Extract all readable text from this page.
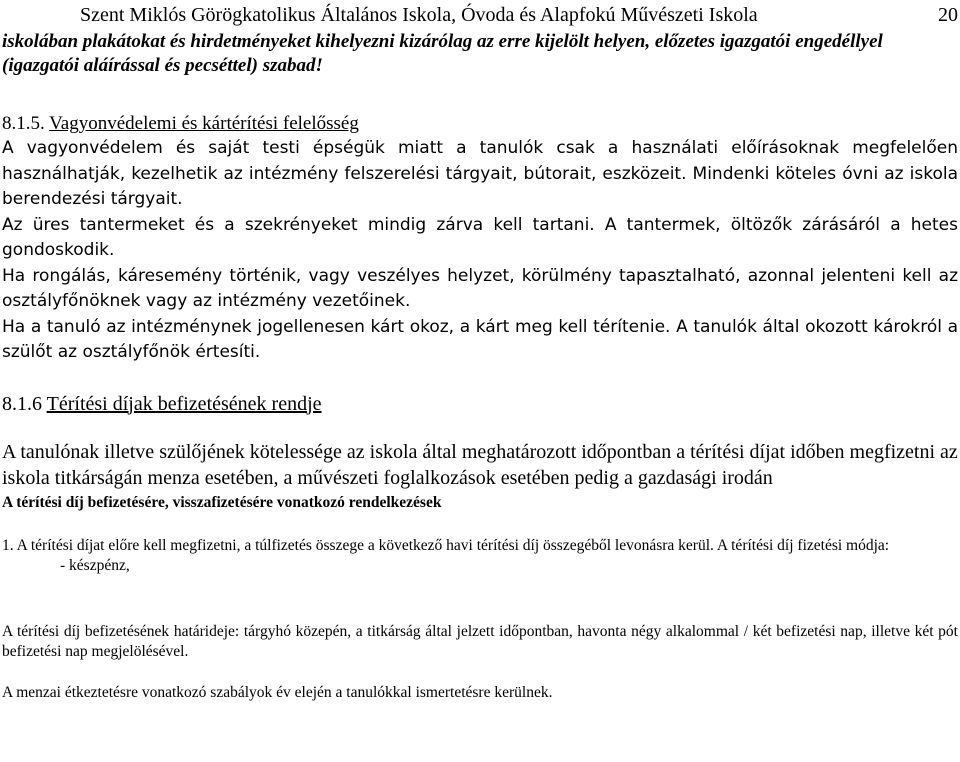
Szent Miklós Görögkatolikus Általános Iskola, Óvoda és Alapfokú Művészeti Iskola	20

iskolában plakátokat és hirdetményeket kihelyezni kizárólag az erre kijelölt helyen, előzetes igazgatói engedéllyel (igazgatói aláírással és pecséttel) szabad!

8.1.5. Vagyonvédelemi és kártérítési felelősség

A vagyonvédelem és saját testi épségük miatt a tanulók csak a használati előírásoknak megfelelően használhatják, kezelhetik az intézmény felszerelési tárgyait, bútorait, eszközeit. Mindenki köteles óvni az iskola berendezési tárgyait.

Az üres tantermeket és a szekrényeket mindig zárva kell tartani. A tantermek, öltözők zárásáról a hetes gondoskodik.

Ha rongálás, káresemény történik, vagy veszélyes helyzet, körülmény tapasztalható, azonnal jelenteni kell az osztályfőnöknek vagy az intézmény vezetőinek.

Ha a tanuló az intézménynek jogellenesen kárt okoz, a kárt meg kell térítenie. A tanulók által okozott károkról a szülőt az osztályfőnök értesíti.

8.1.6 Térítési díjak befizetésének rendje

A tanulónak illetve szülőjének kötelessége az iskola által meghatározott időpontban a térítési díjat időben megfizetni az iskola titkárságán menza esetében, a művészeti foglalkozások esetében pedig a gazdasági irodán

A térítési díj befizetésére, visszafizetésére vonatkozó rendelkezések

1. A térítési díjat előre kell megfizetni, a túlfizetés összege a következő havi térítési díj összegéből levonásra kerül. A térítési díj fizetési módja:

- készpénz,

A térítési díj befizetésének határideje: tárgyhó közepén, a titkárság által jelzett időpontban, havonta négy alkalommal / két befizetési nap, illetve két pót befizetési nap megjelölésével.

A menzai étkeztetésre vonatkozó szabályok év elején a tanulókkal ismertetésre kerülnek.
